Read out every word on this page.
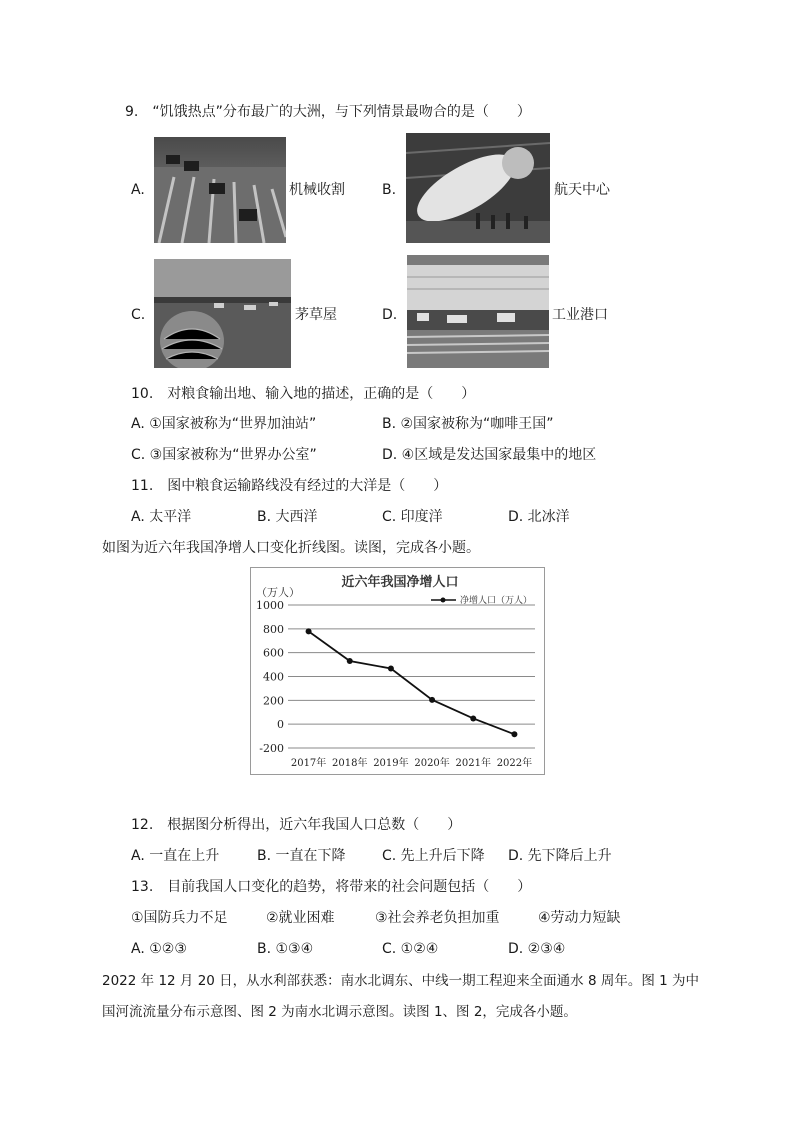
9.　“饥饿热点”分布最广的大洲，与下列情景最吻合的是（　　）
A.	机械收割	B.	航天中心
C.	茅草屋	D.	工业港口
10.　对粮食输出地、输入地的描述，正确的是（　　）
A. ①国家被称为“世界加油站”	B. ②国家被称为“咖啡王国”
C. ③国家被称为“世界办公室”	D. ④区域是发达国家最集中的地区
11.　图中粮食运输路线没有经过的大洋是（　　）
A. 太平洋	B. 大西洋	C. 印度洋	D. 北冰洋
如图为近六年我国净增人口变化折线图。读图，完成各小题。
近六年我国净增人口
（万人）
净增人口（万人）
1000
800
600
400
200
0
-200
2017年 2018年 2019年 2020年 2021年 2022年
12.　根据图分析得出，近六年我国人口总数（　　）
A. 一直在上升	B. 一直在下降	C. 先上升后下降 D. 先下降后上升
13.　目前我国人口变化的趋势，将带来的社会问题包括（　　）
①国防兵力不足	②就业困难	③社会养老负担加重	④劳动力短缺
A. ①②③	B. ①③④	C. ①②④	D. ②③④
2022 年 12 月 20 日，从水利部获悉：南水北调东、中线一期工程迎来全面通水 8 周年。图 1 为中
国河流流量分布示意图、图 2 为南水北调示意图。读图 1、图 2，完成各小题。
